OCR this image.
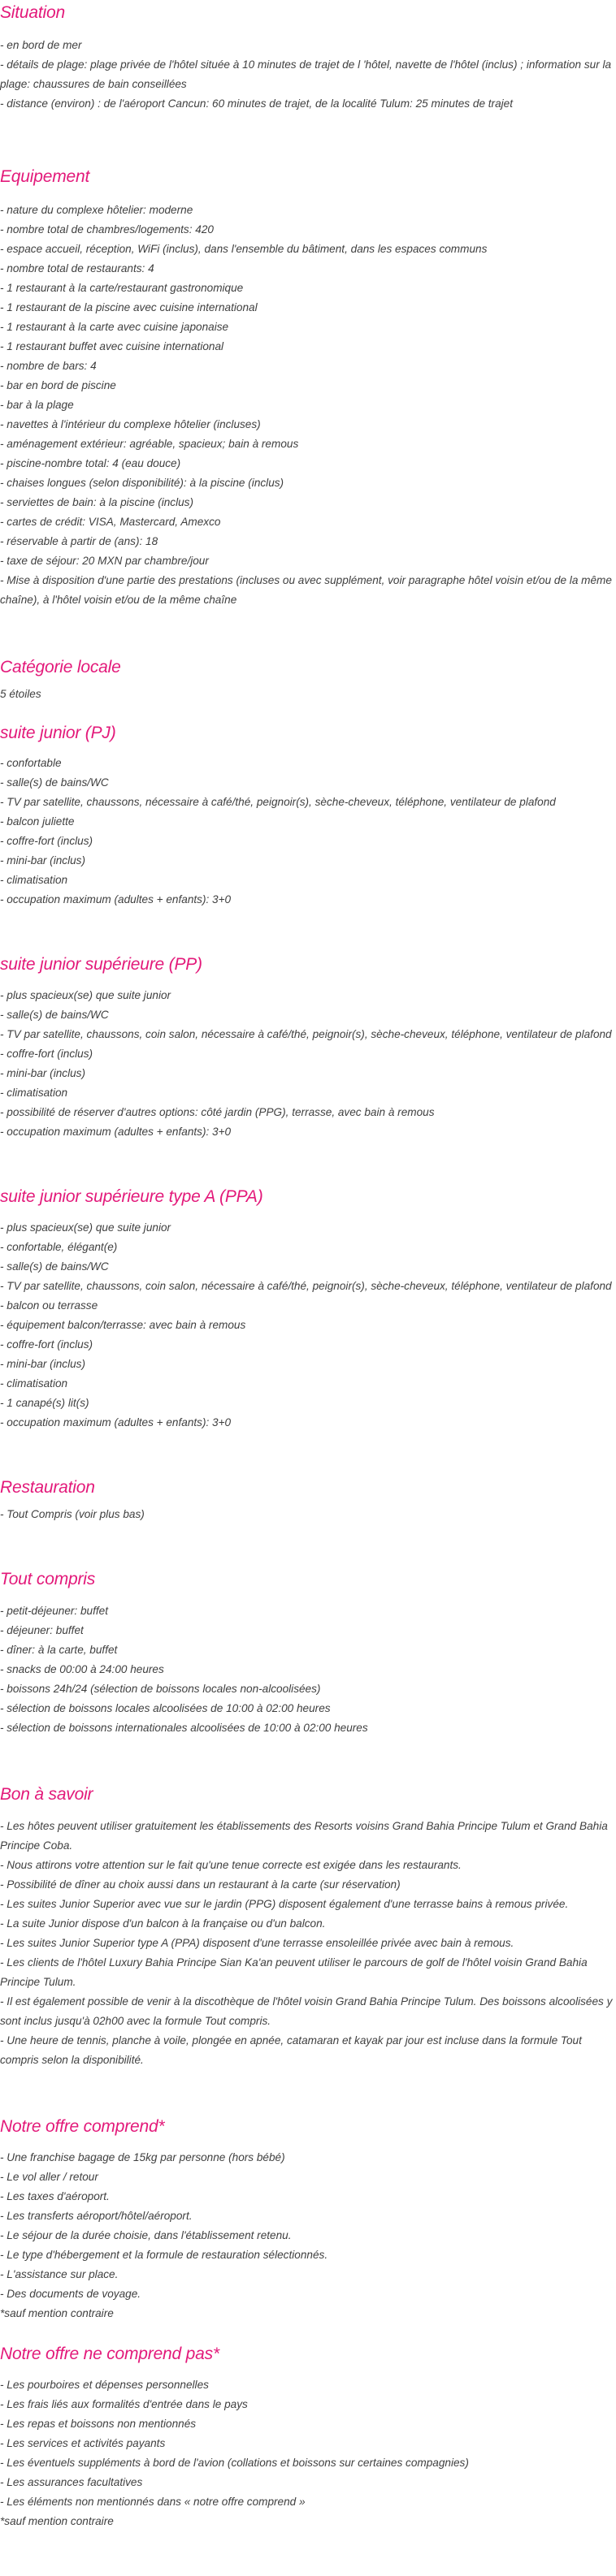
Situation
- en bord de mer
- détails de plage: plage privée de l'hôtel située à 10 minutes de trajet de l 'hôtel, navette de l'hôtel (inclus) ; information sur la plage: chaussures de bain conseillées
- distance (environ) : de l'aéroport Cancun: 60 minutes de trajet, de la localité Tulum: 25 minutes de trajet
Equipement
- nature du complexe hôtelier: moderne
- nombre total de chambres/logements: 420
- espace accueil, réception, WiFi (inclus), dans l'ensemble du bâtiment, dans les espaces communs
- nombre total de restaurants: 4
- 1 restaurant à la carte/restaurant gastronomique
- 1 restaurant de la piscine avec cuisine international
- 1 restaurant à la carte avec cuisine japonaise
- 1 restaurant buffet avec cuisine international
- nombre de bars: 4
- bar en bord de piscine
- bar à la plage
- navettes à l'intérieur du complexe hôtelier (incluses)
- aménagement extérieur: agréable, spacieux; bain à remous
- piscine-nombre total: 4 (eau douce)
- chaises longues (selon disponibilité): à la piscine (inclus)
- serviettes de bain: à la piscine (inclus)
- cartes de crédit: VISA, Mastercard, Amexco
- réservable à partir de (ans): 18
- taxe de séjour: 20 MXN par chambre/jour
- Mise à disposition d'une partie des prestations (incluses ou avec supplément, voir paragraphe hôtel voisin et/ou de la même chaîne), à l'hôtel voisin et/ou de la même chaîne
Catégorie locale
5 étoiles
suite junior (PJ)
- confortable
- salle(s) de bains/WC
- TV par satellite, chaussons, nécessaire à café/thé, peignoir(s), sèche-cheveux, téléphone, ventilateur de plafond
- balcon juliette
- coffre-fort (inclus)
- mini-bar (inclus)
- climatisation
- occupation maximum (adultes + enfants): 3+0
suite junior supérieure (PP)
- plus spacieux(se) que suite junior
- salle(s) de bains/WC
- TV par satellite, chaussons, coin salon, nécessaire à café/thé, peignoir(s), sèche-cheveux, téléphone, ventilateur de plafond
- coffre-fort (inclus)
- mini-bar (inclus)
- climatisation
- possibilité de réserver d'autres options: côté jardin (PPG), terrasse, avec bain à remous
- occupation maximum (adultes + enfants): 3+0
suite junior supérieure type A (PPA)
- plus spacieux(se) que suite junior
- confortable, élégant(e)
- salle(s) de bains/WC
- TV par satellite, chaussons, coin salon, nécessaire à café/thé, peignoir(s), sèche-cheveux, téléphone, ventilateur de plafond
- balcon ou terrasse
- équipement balcon/terrasse: avec bain à remous
- coffre-fort (inclus)
- mini-bar (inclus)
- climatisation
- 1 canapé(s) lit(s)
- occupation maximum (adultes + enfants): 3+0
Restauration
- Tout Compris (voir plus bas)
Tout compris
- petit-déjeuner: buffet
- déjeuner: buffet
- dîner: à la carte, buffet
- snacks de 00:00 à 24:00 heures
- boissons 24h/24 (sélection de boissons locales non-alcoolisées)
- sélection de boissons locales alcoolisées de 10:00 à 02:00 heures
- sélection de boissons internationales alcoolisées de 10:00 à 02:00 heures
Bon à savoir
- Les hôtes peuvent utiliser gratuitement les établissements des Resorts voisins Grand Bahia Principe Tulum et Grand Bahia Principe Coba.
- Nous attirons votre attention sur le fait qu'une tenue correcte est exigée dans les restaurants.
- Possibilité de dîner au choix aussi dans un restaurant à la carte (sur réservation)
- Les suites Junior Superior avec vue sur le jardin (PPG) disposent également d'une terrasse bains à remous privée.
- La suite Junior dispose d'un balcon à la française ou d'un balcon.
- Les suites Junior Superior type A (PPA) disposent d'une terrasse ensoleillée privée avec bain à remous.
- Les clients de l'hôtel Luxury Bahia Principe Sian Ka'an peuvent utiliser le parcours de golf de l'hôtel voisin Grand Bahia Principe Tulum.
- Il est également possible de venir à la discothèque de l'hôtel voisin Grand Bahia Principe Tulum. Des boissons alcoolisées y sont inclus jusqu'à 02h00 avec la formule Tout compris.
- Une heure de tennis, planche à voile, plongée en apnée, catamaran et kayak par jour est incluse dans la formule Tout compris selon la disponibilité.
Notre offre comprend*
- Une franchise bagage de 15kg par personne (hors bébé)
- Le vol aller / retour
- Les taxes d'aéroport.
- Les transferts aéroport/hôtel/aéroport.
- Le séjour de la durée choisie, dans l'établissement retenu.
- Le type d'hébergement et la formule de restauration sélectionnés.
- L'assistance sur place.
- Des documents de voyage.
*sauf mention contraire
Notre offre ne comprend pas*
- Les pourboires et dépenses personnelles
- Les frais liés aux formalités d'entrée dans le pays
- Les repas et boissons non mentionnés
- Les services et activités payants
- Les éventuels suppléments à bord de l'avion (collations et boissons sur certaines compagnies)
- Les assurances facultatives
- Les éléments non mentionnés dans « notre offre comprend »
*sauf mention contraire
